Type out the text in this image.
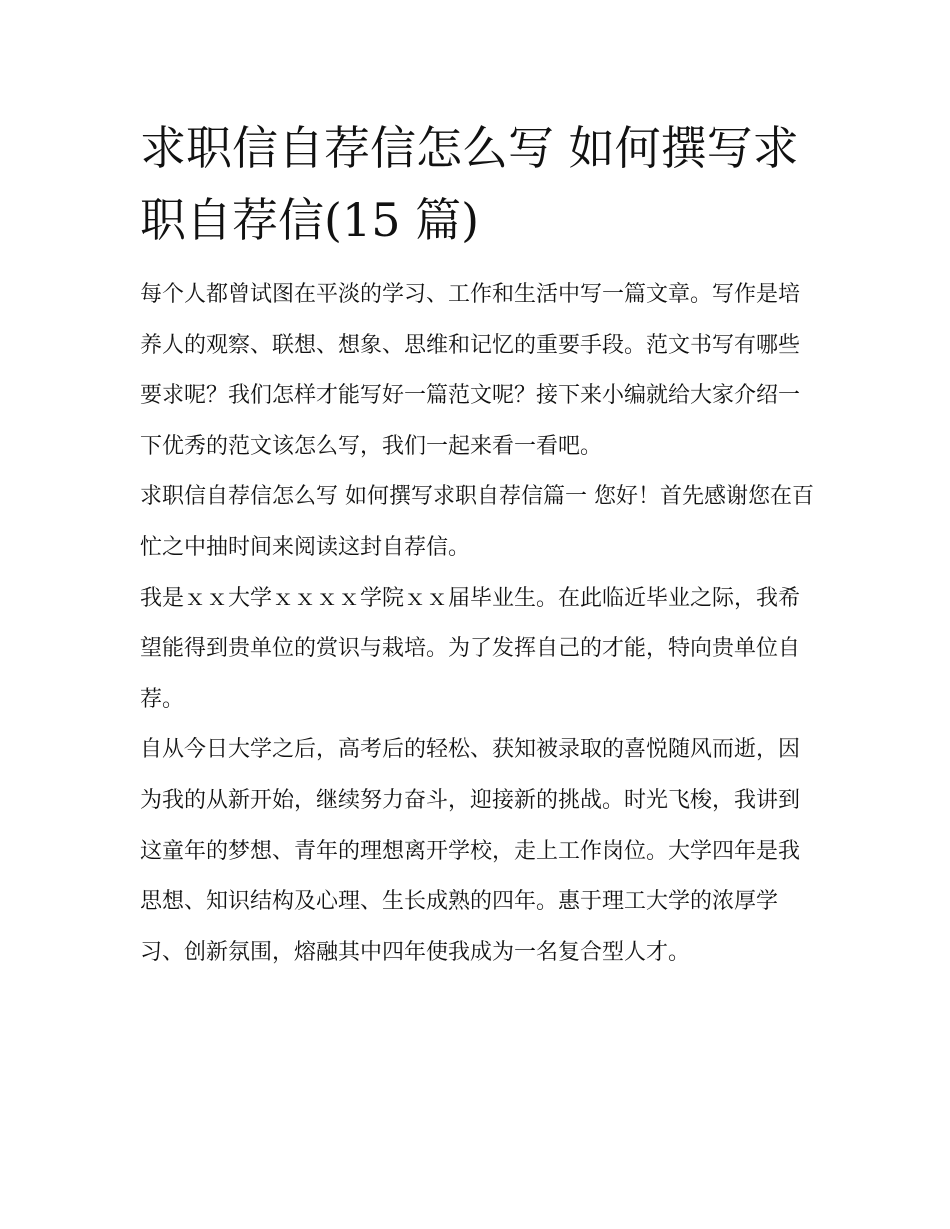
求职信自荐信怎么写 如何撰写求职自荐信(15 篇)

每个人都曾试图在平淡的学习、工作和生活中写一篇文章。写作是培养人的观察、联想、想象、思维和记忆的重要手段。范文书写有哪些要求呢？我们怎样才能写好一篇范文呢？接下来小编就给大家介绍一下优秀的范文该怎么写，我们一起来看一看吧。

求职信自荐信怎么写 如何撰写求职自荐信篇一 您好！首先感谢您在百忙之中抽时间来阅读这封自荐信。

我是ｘｘ大学ｘｘｘｘ学院ｘｘ届毕业生。在此临近毕业之际，我希望能得到贵单位的赏识与栽培。为了发挥自己的才能，特向贵单位自荐。

自从今日大学之后，高考后的轻松、获知被录取的喜悦随风而逝，因为我的从新开始，继续努力奋斗，迎接新的挑战。时光飞梭，我讲到这童年的梦想、青年的理想离开学校，走上工作岗位。大学四年是我思想、知识结构及心理、生长成熟的四年。惠于理工大学的浓厚学习、创新氛围，熔融其中四年使我成为一名复合型人才。
